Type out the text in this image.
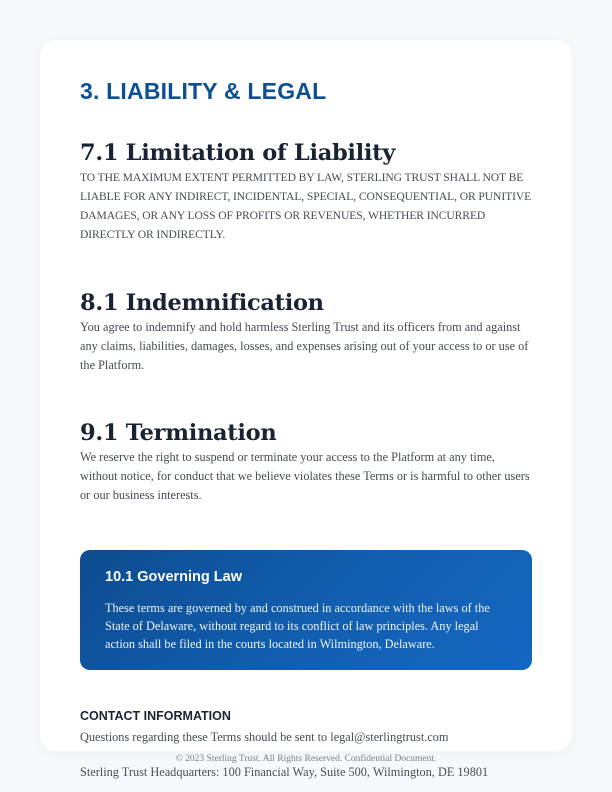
3. LIABILITY & LEGAL
7.1 Limitation of Liability

TO THE MAXIMUM EXTENT PERMITTED BY LAW, STERLING TRUST SHALL NOT BE LIABLE FOR ANY INDIRECT, INCIDENTAL, SPECIAL, CONSEQUENTIAL, OR PUNITIVE DAMAGES, OR ANY LOSS OF PROFITS OR REVENUES, WHETHER INCURRED DIRECTLY OR INDIRECTLY.

8.1 Indemnification

You agree to indemnify and hold harmless Sterling Trust and its officers from and against any claims, liabilities, damages, losses, and expenses arising out of your access to or use of the Platform.

9.1 Termination

We reserve the right to suspend or terminate your access to the Platform at any time, without notice, for conduct that we believe violates these Terms or is harmful to other users or our business interests.

10.1 Governing Law

These terms are governed by and construed in accordance with the laws of the State of Delaware, without regard to its conflict of law principles. Any legal action shall be filed in the courts located in Wilmington, Delaware.

CONTACT INFORMATION

Questions regarding these Terms should be sent to legal@sterlingtrust.com

© 2023 Sterling Trust. All Rights Reserved. Confidential Document.
Sterling Trust Headquarters: 100 Financial Way, Suite 500, Wilmington, DE 19801
